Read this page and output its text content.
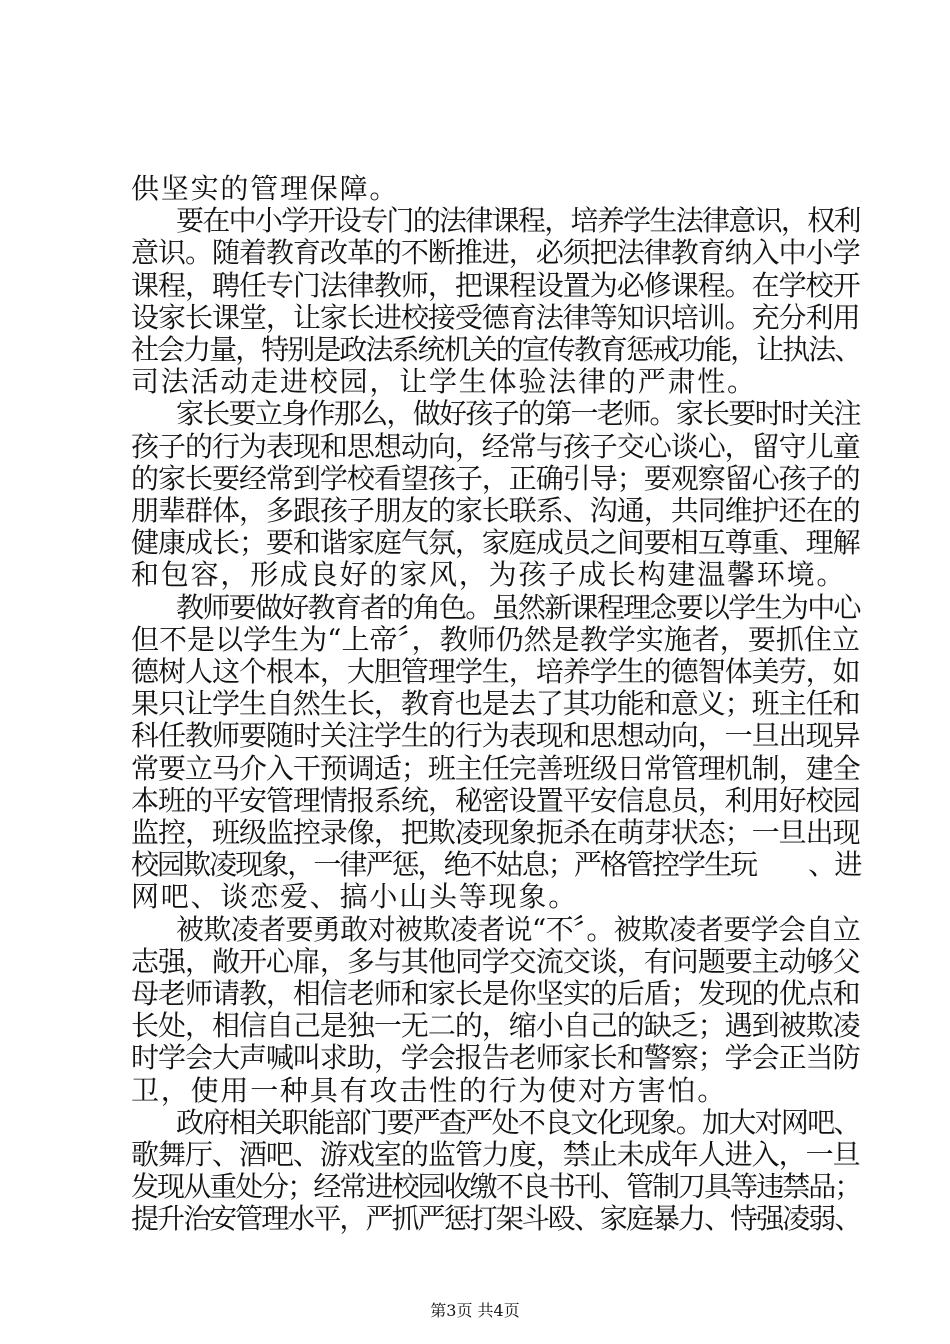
供坚实的管理保障。
要在中小学开设专门的法律课程，培养学生法律意识，权利
意识。随着教育改革的不断推进，必须把法律教育纳入中小学
课程，聘任专门法律教师，把课程设置为必修课程。在学校开
设家长课堂，让家长进校接受德育法律等知识培训。充分利用
社会力量，特别是政法系统机关的宣传教育惩戒功能，让执法、
司法活动走进校园，让学生体验法律的严肃性。
家长要立身作那么，做好孩子的第一老师。家长要时时关注
孩子的行为表现和思想动向，经常与孩子交心谈心，留守儿童
的家长要经常到学校看望孩子，正确引导；要观察留心孩子的
朋辈群体，多跟孩子朋友的家长联系、沟通，共同维护还在的
健康成长；要和谐家庭气氛，家庭成员之间要相互尊重、理解
和包容，形成良好的家风，为孩子成长构建温馨环境。
教师要做好教育者的角色。虽然新课程理念要以学生为中心
但不是以学生为“上帝〞，教师仍然是教学实施者，要抓住立
德树人这个根本，大胆管理学生，培养学生的德智体美劳，如
果只让学生自然生长，教育也是去了其功能和意义；班主任和
科任教师要随时关注学生的行为表现和思想动向，一旦出现异
常要立马介入干预调适；班主任完善班级日常管理机制，建全
本班的平安管理情报系统，秘密设置平安信息员，利用好校园
监控，班级监控录像，把欺凌现象扼杀在萌芽状态；一旦出现
校园欺凌现象，一律严惩，绝不姑息；严格管控学生玩　　、进
网吧、谈恋爱、搞小山头等现象。
被欺凌者要勇敢对被欺凌者说“不〞。被欺凌者要学会自立
志强，敞开心扉，多与其他同学交流交谈，有问题要主动够父
母老师请教，相信老师和家长是你坚实的后盾；发现的优点和
长处，相信自己是独一无二的，缩小自己的缺乏；遇到被欺凌
时学会大声喊叫求助，学会报告老师家长和警察；学会正当防
卫，使用一种具有攻击性的行为使对方害怕。
政府相关职能部门要严查严处不良文化现象。加大对网吧、
歌舞厅、酒吧、游戏室的监管力度，禁止未成年人进入，一旦
发现从重处分；经常进校园收缴不良书刊、管制刀具等违禁品；
提升治安管理水平，严抓严惩打架斗殴、家庭暴力、恃强凌弱、
第3页 共4页
